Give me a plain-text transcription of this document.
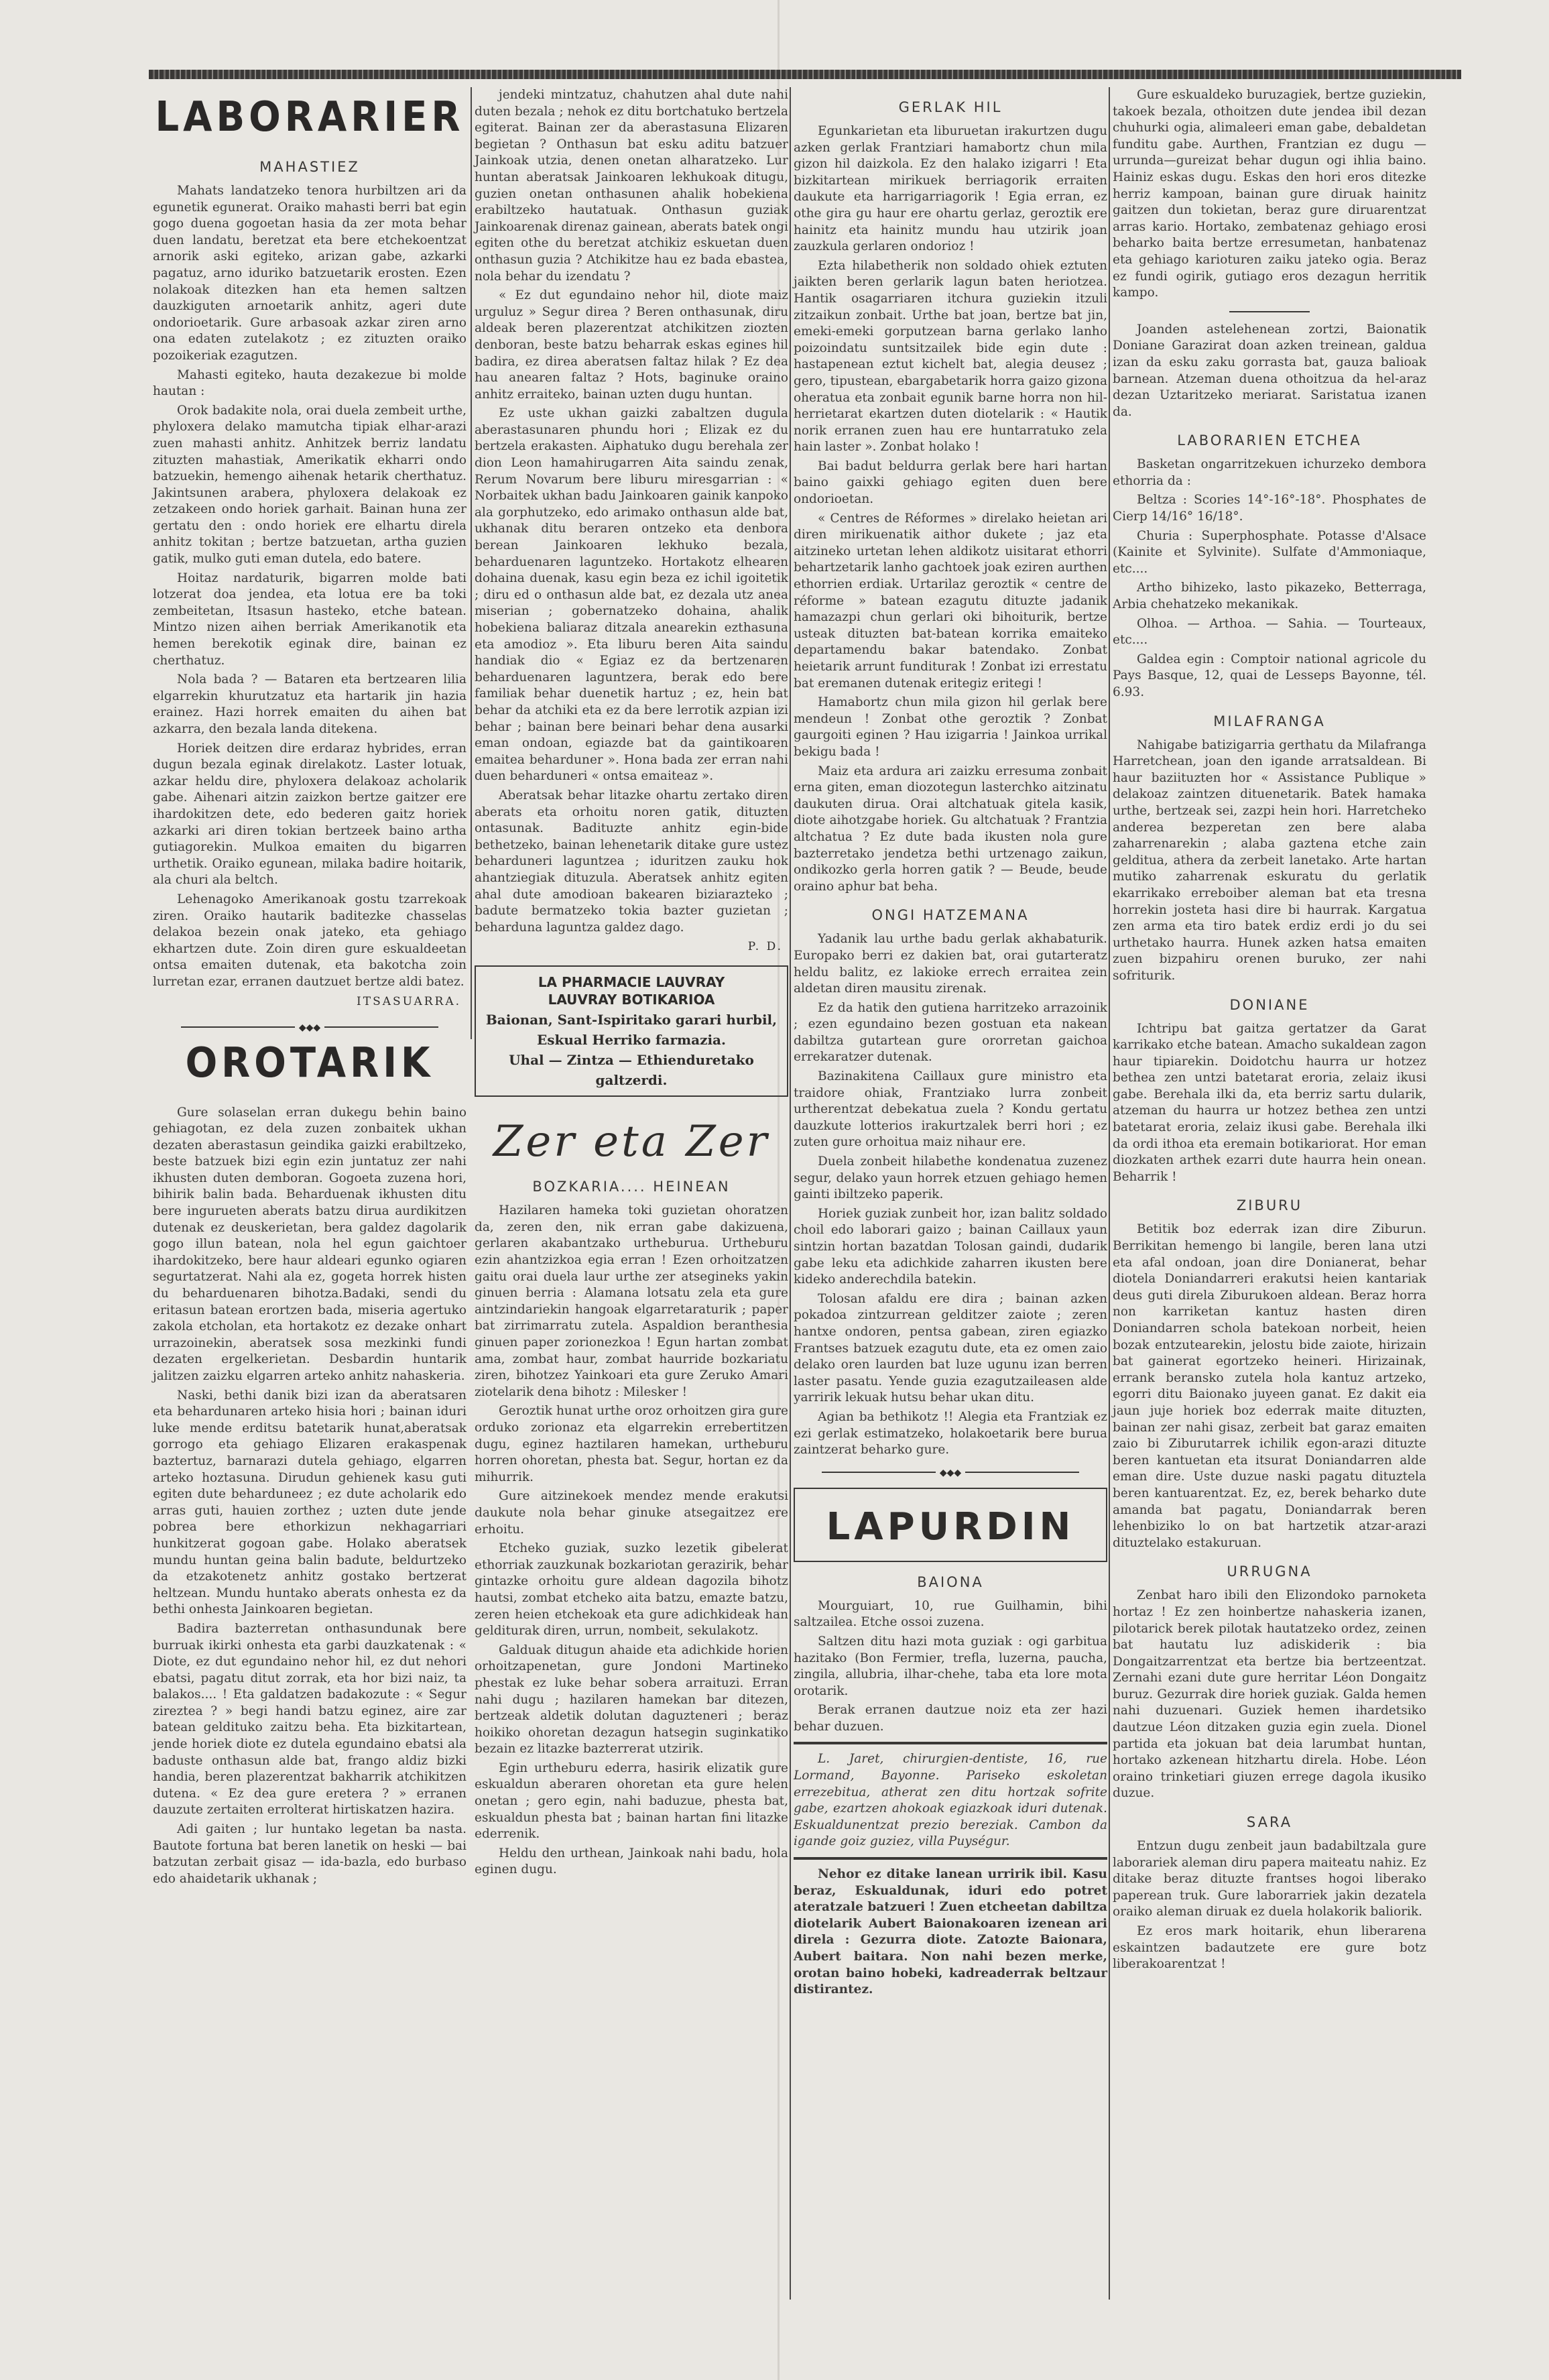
LABORARIER
MAHASTIEZ

Mahats landatzeko tenora hurbiltzen ari da egunetik egunerat. Oraiko mahasti berri bat egin gogo duena gogoetan hasia da zer mota behar duen landatu, beretzat eta bere etchekoentzat arnorik aski egiteko, arizan gabe, azkarki pagatuz, arno iduriko batzuetarik erosten. Ezen nolakoak ditezken han eta hemen saltzen dauzkiguten arnoetarik anhitz, ageri dute ondorioetarik. Gure arbasoak azkar ziren arno ona edaten zutelakotz ; ez zituzten oraiko pozoikeriak ezagutzen.

Mahasti egiteko, hauta dezakezue bi molde hautan :

Orok badakite nola, orai duela zembeit urthe, phyloxera delako mamutcha tipiak elhar-arazi zuen mahasti anhitz. Anhitzek berriz landatu zituzten mahastiak, Amerikatik ekharri ondo batzuekin, hemengo aihenak hetarik cherthatuz. Jakintsunen arabera, phyloxera delakoak ez zetzakeen ondo horiek garhait. Bainan huna zer gertatu den : ondo horiek ere elhartu direla anhitz tokitan ; bertze batzuetan, artha guzien gatik, mulko guti eman dutela, edo batere.

Hoitaz nardaturik, bigarren molde bati lotzerat doa jendea, eta lotua ere ba toki zembeitetan, Itsasun hasteko, etche batean. Mintzo nizen aihen berriak Amerikanotik eta hemen berekotik eginak dire, bainan ez cherthatuz.

Nola bada ? — Bataren eta bertzearen lilia elgarrekin khurutzatuz eta hartarik jin hazia erainez. Hazi horrek emaiten du aihen bat azkarra, den bezala landa ditekena.

Horiek deitzen dire erdaraz hybrides, erran dugun bezala eginak direlakotz. Laster lotuak, azkar heldu dire, phyloxera delakoaz acholarik gabe. Aihenari aitzin zaizkon bertze gaitzer ere ihardokitzen dete, edo bederen gaitz horiek azkarki ari diren tokian bertzeek baino artha gutiagorekin. Mulkoa emaiten du bigarren urthetik. Oraiko egunean, milaka badire hoitarik, ala churi ala beltch.

Lehenagoko Amerikanoak gostu tzarrekoak ziren. Oraiko hautarik baditezke chasselas delakoa bezein onak jateko, eta gehiago ekhartzen dute. Zoin diren gure eskualdeetan ontsa emaiten dutenak, eta bakotcha zoin lurretan ezar, erranen dautzuet bertze aldi batez.

ITSASUARRA.
◆◆◆
OROTARIK

Gure solaselan erran dukegu behin baino gehiagotan, ez dela zuzen zonbaitek ukhan dezaten aberastasun geindika gaizki erabiltzeko, beste batzuek bizi egin ezin juntatuz zer nahi ikhusten duten demboran. Gogoeta zuzena hori, bihirik balin bada. Beharduenak ikhusten ditu bere ingurueten aberats batzu dirua aurdikitzen dutenak ez deuskerietan, bera galdez dagolarik gogo illun batean, nola hel egun gaichtoer ihardokitzeko, bere haur aldeari egunko ogiaren segurtatzerat. Nahi ala ez, gogeta horrek histen du beharduenaren bihotza.Badaki, sendi du eritasun batean erortzen bada, miseria agertuko zakola etcholan, eta hortakotz ez dezake onhart urrazoinekin, aberatsek sosa mezkinki fundi dezaten ergelkerietan. Desbardin huntarik jalitzen zaizku elgarren arteko anhitz nahaskeria.

Naski, bethi danik bizi izan da aberatsaren eta behardunaren arteko hisia hori ; bainan iduri luke mende erditsu batetarik hunat,aberatsak gorrogo eta gehiago Elizaren erakaspenak baztertuz, barnarazi dutela gehiago, elgarren arteko hoztasuna. Dirudun gehienek kasu guti egiten dute beharduneez ; ez dute acholarik edo arras guti, hauien zorthez ; uzten dute jende pobrea bere ethorkizun nekhagarriari hunkitzerat gogoan gabe. Holako aberatsek mundu huntan geina balin badute, beldurtzeko da etzakotenetz anhitz gostako bertzerat heltzean. Mundu huntako aberats onhesta ez da bethi onhesta Jainkoaren begietan.

Badira bazterretan onthasundunak bere burruak ikirki onhesta eta garbi dauzkatenak : « Diote, ez dut egundaino nehor hil, ez dut nehori ebatsi, pagatu ditut zorrak, eta hor bizi naiz, ta balakos.... ! Eta galdatzen badakozute : « Segur zireztea ? » begi handi batzu eginez, aire zar batean geldituko zaitzu beha. Eta bizkitartean, jende horiek diote ez dutela egundaino ebatsi ala baduste onthasun alde bat, frango aldiz bizki handia, beren plazerentzat bakharrik atchikitzen dutena. « Ez dea gure eretera ? » erranen dauzute zertaiten errolterat hirtiskatzen hazira.

Adi gaiten ; lur huntako legetan ba nasta. Bautote fortuna bat beren lanetik on heski — bai batzutan zerbait gisaz — ida-bazla, edo burbaso edo ahaidetarik ukhanak ;

jendeki mintzatuz, chahutzen ahal dute nahi duten bezala ; nehok ez ditu bortchatuko bertzela egiterat. Bainan zer da aberastasuna Elizaren begietan ? Onthasun bat esku aditu batzuer Jainkoak utzia, denen onetan alharatzeko. Lur huntan aberatsak Jainkoaren lekhukoak ditugu, guzien onetan onthasunen ahalik hobekiena erabiltzeko hautatuak. Onthasun guziak Jainkoarenak direnaz gainean, aberats batek ongi egiten othe du beretzat atchikiz eskuetan duen onthasun guzia ? Atchikitze hau ez bada ebastea, nola behar du izendatu ?

« Ez dut egundaino nehor hil, diote maiz urguluz » Segur direa ? Beren onthasunak, diru aldeak beren plazerentzat atchikitzen ziozten denboran, beste batzu beharrak eskas egines hil badira, ez direa aberatsen faltaz hilak ? Ez dea hau anearen faltaz ? Hots, baginuke oraino anhitz erraiteko, bainan uzten dugu huntan.

Ez uste ukhan gaizki zabaltzen dugula aberastasunaren phundu hori ; Elizak ez du bertzela erakasten. Aiphatuko dugu berehala zer dion Leon hamahirugarren Aita saindu zenak, Rerum Novarum bere liburu miresgarrian : « Norbaitek ukhan badu Jainkoaren gainik kanpoko ala gorphutzeko, edo arimako onthasun alde bat, ukhanak ditu beraren ontzeko eta denbora berean Jainkoaren lekhuko bezala, beharduenaren laguntzeko. Hortakotz elhearen dohaina duenak, kasu egin beza ez ichil igoitetik ; diru ed o onthasun alde bat, ez dezala utz anea miserian ; gobernatzeko dohaina, ahalik hobekiena baliaraz ditzala anearekin ezthasuna eta amodioz ». Eta liburu beren Aita saindu handiak dio « Egiaz ez da bertzenaren beharduenaren laguntzera, berak edo bere familiak behar duenetik hartuz ; ez, hein bat behar da atchiki eta ez da bere lerrotik azpian izi behar ; bainan bere beinari behar dena ausarki eman ondoan, egiazde bat da gaintikoaren emaitea beharduner ». Hona bada zer erran nahi duen beharduneri « ontsa emaiteaz ».

Aberatsak behar litazke ohartu zertako diren aberats eta orhoitu noren gatik, dituzten ontasunak. Badituzte anhitz egin-bide bethetzeko, bainan lehenetarik ditake gure ustez beharduneri laguntzea ; iduritzen zauku hok ahantziegiak dituzula. Aberatsek anhitz egiten ahal dute amodioan bakearen biziarazteko ; badute bermatzeko tokia bazter guzietan ; beharduna laguntza galdez dago.

P. D.
LA PHARMACIE LAUVRAY
LAUVRAY BOTIKARIOA
Baionan, Sant-Ispiritako garari hurbil,
Eskual Herriko farmazia.
Uhal — Zintza — Ethienduretako
galtzerdi.
Zer eta Zer
BOZKARIA.... HEINEAN

Hazilaren hameka toki guzietan ohoratzen da, zeren den, nik erran gabe dakizuena, gerlaren akabantzako urtheburua. Urtheburu ezin ahantzizkoa egia erran ! Ezen orhoitzatzen gaitu orai duela laur urthe zer atsegineks yakin ginuen berria : Alamana lotsatu zela eta gure aintzindariekin hangoak elgarretaraturik ; paper bat zirrimarratu zutela. Aspaldion beranthesia ginuen paper zorionezkoa ! Egun hartan zombat ama, zombat haur, zombat haurride bozkariatu ziren, bihotzez Yainkoari eta gure Zeruko Amari ziotelarik dena bihotz : Milesker !

Geroztik hunat urthe oroz orhoitzen gira gure orduko zorionaz eta elgarrekin errebertitzen dugu, eginez haztilaren hamekan, urtheburu horren ohoretan, phesta bat. Segur, hortan ez da mihurrik.

Gure aitzinekoek mendez mende erakutsi daukute nola behar ginuke atsegaitzez ere erhoitu.

Etcheko guziak, suzko lezetik gibelerat ethorriak zauzkunak bozkariotan gerazirik, behar gintazke orhoitu gure aldean dagozila bihotz hautsi, zombat etcheko aita batzu, emazte batzu, zeren heien etchekoak eta gure adichkideak han gelditurak diren, urrun, nombeit, sekulakotz.

Galduak ditugun ahaide eta adichkide horien orhoitzapenetan, gure Jondoni Martineko phestak ez luke behar sobera arraituzi. Erran nahi dugu ; hazilaren hamekan bar ditezen, bertzeak aldetik dolutan daguzteneri ; beraz hoikiko ohoretan dezagun hatsegin suginkatiko bezain ez litazke bazterrerat utzirik.

Egin urtheburu ederra, hasirik elizatik gure eskualdun aberaren ohoretan eta gure helen onetan ; gero egin, nahi baduzue, phesta bat, eskualdun phesta bat ; bainan hartan fini litazke ederrenik.

Heldu den urthean, Jainkoak nahi badu, hola eginen dugu.

GERLAK HIL

Egunkarietan eta liburuetan irakurtzen dugu azken gerlak Frantziari hamabortz chun mila gizon hil daizkola. Ez den halako izigarri ! Eta bizkitartean mirikuek berriagorik erraiten daukute eta harrigarriagorik ! Egia erran, ez othe gira gu haur ere ohartu gerlaz, geroztik ere hainitz eta hainitz mundu hau utzirik joan zauzkula gerlaren ondorioz !

Ezta hilabetherik non soldado ohiek eztuten jaikten beren gerlarik lagun baten heriotzea. Hantik osagarriaren itchura guziekin itzuli zitzaikun zonbait. Urthe bat joan, bertze bat jin, emeki-emeki gorputzean barna gerlako lanho poizoindatu suntsitzailek bide egin dute : hastapenean eztut kichelt bat, alegia deusez ; gero, tipustean, ebargabetarik horra gaizo gizona oheratua eta zonbait egunik barne horra non hil-herrietarat ekartzen duten diotelarik : « Hautik norik erranen zuen hau ere huntarratuko zela hain laster ». Zonbat holako !

Bai badut beldurra gerlak bere hari hartan baino gaixki gehiago egiten duen bere ondorioetan.

« Centres de Réformes » direlako heietan ari diren mirikuenatik aithor dukete ; jaz eta aitzineko urtetan lehen aldikotz uisitarat ethorri behartzetarik lanho gachtoek joak eziren aurthen ethorrien erdiak. Urtarilaz geroztik « centre de réforme » batean ezagutu dituzte jadanik hamazazpi chun gerlari oki bihoiturik, bertze usteak dituzten bat-batean korrika emaiteko departamendu bakar batendako. Zonbat heietarik arrunt funditurak ! Zonbat izi errestatu bat eremanen dutenak eritegiz eritegi !

Hamabortz chun mila gizon hil gerlak bere mendeun ! Zonbat othe geroztik ? Zonbat gaurgoiti eginen ? Hau izigarria ! Jainkoa urrikal bekigu bada !

Maiz eta ardura ari zaizku erresuma zonbait erna giten, eman diozotegun lasterchko aitzinatu daukuten dirua. Orai altchatuak gitela kasik, diote aihotzgabe horiek. Gu altchatuak ? Frantzia altchatua ? Ez dute bada ikusten nola gure bazterretako jendetza bethi urtzenago zaikun, ondikozko gerla horren gatik ? — Beude, beude oraino aphur bat beha.

ONGI HATZEMANA

Yadanik lau urthe badu gerlak akhabaturik. Europako berri ez dakien bat, orai gutarteratz heldu balitz, ez lakioke errech erraitea zein aldetan diren mausitu zirenak.

Ez da hatik den gutiena harritzeko arrazoinik ; ezen egundaino bezen gostuan eta nakean dabiltza gutartean gure ororretan gaichoa errekaratzer dutenak.

Bazinakitena Caillaux gure ministro eta traidore ohiak, Frantziako lurra zonbeit urtherentzat debekatua zuela ? Kondu gertatu dauzkute lotterios irakurtzalek berri hori ; ez zuten gure orhoitua maiz nihaur ere.

Duela zonbeit hilabethe kondenatua zuzenez segur, delako yaun horrek etzuen gehiago hemen gainti ibiltzeko paperik.

Horiek guziak zunbeit hor, izan balitz soldado choil edo laborari gaizo ; bainan Caillaux yaun sintzin hortan bazatdan Tolosan gaindi, dudarik gabe leku eta adichkide zaharren ikusten bere kideko anderechdila batekin.

Tolosan afaldu ere dira ; bainan azken pokadoa zintzurrean gelditzer zaiote ; zeren hantxe ondoren, pentsa gabean, ziren egiazko Frantses batzuek ezagutu dute, eta ez omen zaio delako oren laurden bat luze ugunu izan berren laster pasatu. Yende guzia ezagutzaileasen alde yarririk lekuak hutsu behar ukan ditu.

Agian ba bethikotz !! Alegia eta Frantziak ez ezi gerlak estimatzeko, holakoetarik bere burua zaintzerat beharko gure.

◆◆◆
LAPURDIN
BAIONA

Mourguiart, 10, rue Guilhamin, bihi saltzailea. Etche ossoi zuzena.

Saltzen ditu hazi mota guziak : ogi garbitua hazitako (Bon Fermier, trefla, luzerna, paucha, zingila, allubria, ilhar-chehe, taba eta lore mota orotarik.

Berak erranen dautzue noiz eta zer hazi behar duzuen.

L. Jaret, chirurgien-dentiste, 16, rue Lormand, Bayonne. Pariseko eskoletan errezebitua, atherat zen ditu hortzak sofrite gabe, ezartzen ahokoak egiazkoak iduri dutenak. Eskualdunentzat prezio bereziak. Cambon da igande goiz guziez, villa Puységur.

Nehor ez ditake lanean urririk ibil. Kasu beraz, Eskualdunak, iduri edo potret ateratzale batzueri ! Zuen etcheetan dabiltza diotelarik Aubert Baionakoaren izenean ari direla : Gezurra diote. Zatozte Baionara, Aubert baitara. Non nahi bezen merke, orotan baino hobeki, kadreaderrak beltzaur distirantez.

Gure eskualdeko buruzagiek, bertze guziekin, takoek bezala, othoitzen dute jendea ibil dezan chuhurki ogia, alimaleeri eman gabe, debaldetan funditu gabe. Aurthen, Frantzian ez dugu — urrunda—gureizat behar dugun ogi ihlia baino. Hainiz eskas dugu. Eskas den hori eros ditezke herriz kampoan, bainan gure diruak hainitz gaitzen dun tokietan, beraz gure diruarentzat arras kario. Hortako, zembatenaz gehiago erosi beharko baita bertze erresumetan, hanbatenaz eta gehiago karioturen zaiku jateko ogia. Beraz ez fundi ogirik, gutiago eros dezagun herritik kampo.

Joanden astelehenean zortzi, Baionatik Doniane Garazirat doan azken treinean, galdua izan da esku zaku gorrasta bat, gauza balioak barnean. Atzeman duena othoitzua da hel-araz dezan Uztaritzeko meriarat. Saristatua izanen da.

LABORARIEN ETCHEA

Basketan ongarritzekuen ichurzeko dembora ethorria da :

Beltza : Scories 14°-16°-18°. Phosphates de Cierp 14/16° 16/18°.

Churia : Superphosphate. Potasse d'Alsace (Kainite et Sylvinite). Sulfate d'Ammoniaque, etc....

Artho bihizeko, lasto pikazeko, Betterraga, Arbia chehatzeko mekanikak.

Olhoa. — Arthoa. — Sahia. — Tourteaux, etc....

Galdea egin : Comptoir national agricole du Pays Basque, 12, quai de Lesseps Bayonne, tél. 6.93.

MILAFRANGA

Nahigabe batizigarria gerthatu da Milafranga Harretchean, joan den igande arratsaldean. Bi haur baziituzten hor « Assistance Publique » delakoaz zaintzen dituenetarik. Batek hamaka urthe, bertzeak sei, zazpi hein hori. Harretcheko anderea bezperetan zen bere alaba zaharrenarekin ; alaba gaztena etche zain gelditua, athera da zerbeit lanetako. Arte hartan mutiko zaharrenak eskuratu du gerlatik ekarrikako erreboiber aleman bat eta tresna horrekin josteta hasi dire bi haurrak. Kargatua zen arma eta tiro batek erdiz erdi jo du sei urthetako haurra. Hunek azken hatsa emaiten zuen bizpahiru orenen buruko, zer nahi sofriturik.

DONIANE

Ichtripu bat gaitza gertatzer da Garat karrikako etche batean. Amacho sukaldean zagon haur tipiarekin. Doidotchu haurra ur hotzez bethea zen untzi batetarat eroria, zelaiz ikusi gabe. Berehala ilki da, eta berriz sartu dularik, atzeman du haurra ur hotzez bethea zen untzi batetarat eroria, zelaiz ikusi gabe. Berehala ilki da ordi ithoa eta eremain botikariorat. Hor eman diozkaten arthek ezarri dute haurra hein onean. Beharrik !

ZIBURU

Betitik boz ederrak izan dire Ziburun. Berrikitan hemengo bi langile, beren lana utzi eta afal ondoan, joan dire Donianerat, behar diotela Doniandarreri erakutsi heien kantariak deus guti direla Ziburukoen aldean. Beraz horra non karriketan kantuz hasten diren Doniandarren schola batekoan norbeit, heien bozak entzutearekin, jelostu bide zaiote, hirizain bat gainerat egortzeko heineri. Hirizainak, errank beransko zutela hola kantuz artzeko, egorri ditu Baionako juyeen ganat. Ez dakit eia jaun juje horiek boz ederrak maite dituzten, bainan zer nahi gisaz, zerbeit bat garaz emaiten zaio bi Ziburutarrek ichilik egon-arazi dituzte beren kantuetan eta itsurat Doniandarren alde eman dire. Uste duzue naski pagatu dituztela beren kantuarentzat. Ez, ez, berek beharko dute amanda bat pagatu, Doniandarrak beren lehenbiziko lo on bat hartzetik atzar-arazi dituztelako estakuruan.

URRUGNA

Zenbat haro ibili den Elizondoko parnoketa hortaz ! Ez zen hoinbertze nahaskeria izanen, pilotarick berek pilotak hautatzeko ordez, zeinen bat hautatu luz adiskiderik : bia Dongaitzarrentzat eta bertze bia bertzeentzat. Zernahi ezani dute gure herritar Léon Dongaitz buruz. Gezurrak dire horiek guziak. Galda hemen nahi duzuenari. Guziek hemen ihardetsiko dautzue Léon ditzaken guzia egin zuela. Dionel partida eta jokuan bat deia larumbat huntan, hortako azkenean hitzhartu direla. Hobe. Léon oraino trinketiari giuzen errege dagola ikusiko duzue.

SARA

Entzun dugu zenbeit jaun badabiltzala gure laborariek aleman diru papera maiteatu nahiz. Ez ditake beraz dituzte frantses hogoi liberako paperean truk. Gure laborarriek jakin dezatela oraiko aleman diruak ez duela holakorik baliorik.

Ez eros mark hoitarik, ehun liberarena eskaintzen badautzete ere gure botz liberakoarentzat !
